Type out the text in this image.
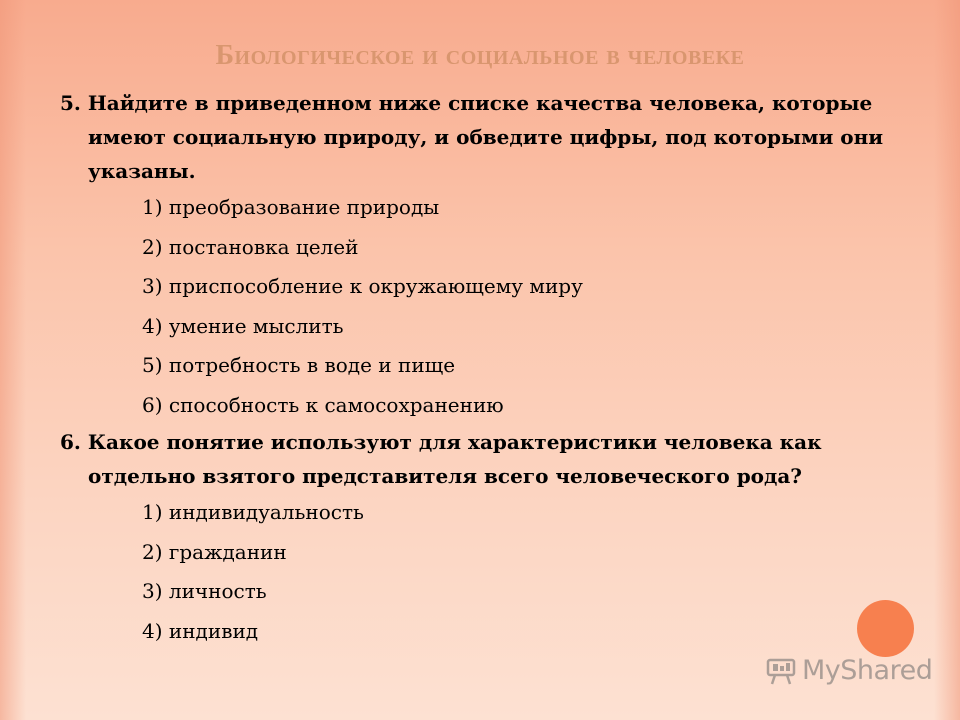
Биологическое и социальное в человеке

5. Найдите в приведенном ниже списке качества человека, которые имеют социальную природу, и обведите цифры, под которыми они указаны.

1) преобразование природы
2) постановка целей
3) приспособление к окружающему миру
4) умение мыслить
5) потребность в воде и пище
6) способность к самосохранению

6. Какое понятие используют для характеристики человека как отдельно взятого представителя всего человеческого рода?

1) индивидуальность
2) гражданин
3) личность
4) индивид
MyShared
